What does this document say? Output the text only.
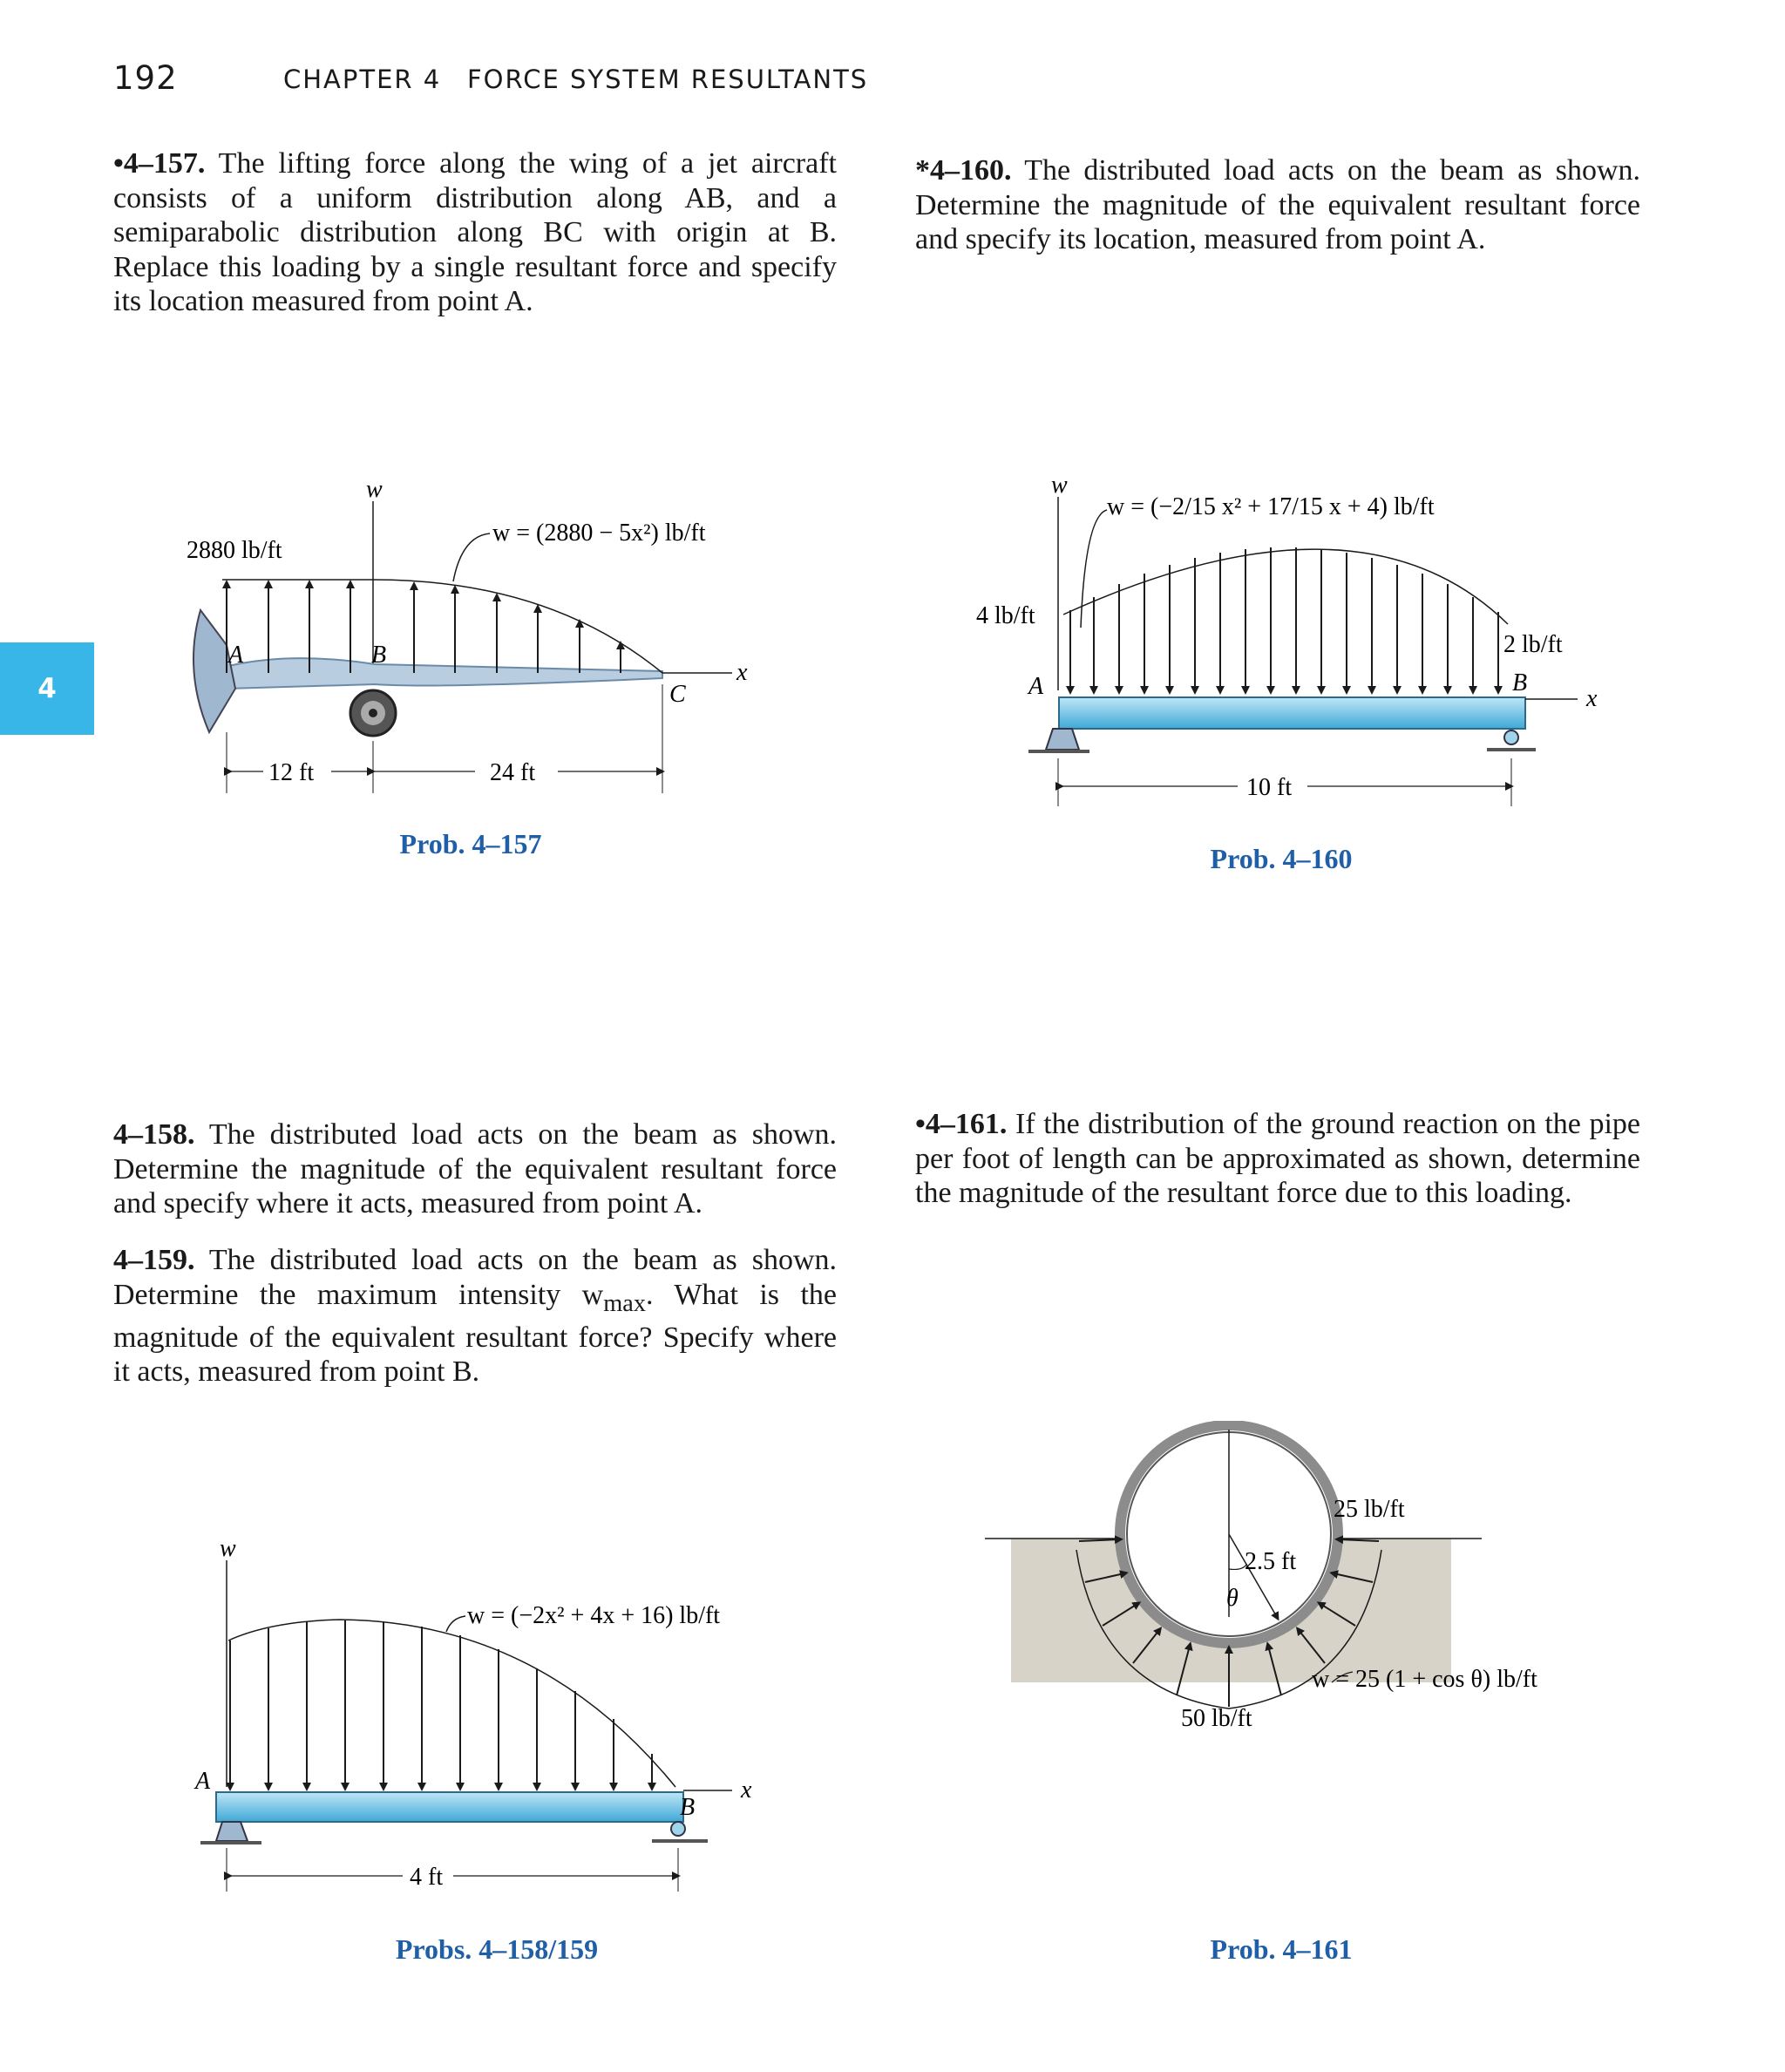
192	CHAPTER 4 FORCE SYSTEM RESULTANTS
4
•4–157. The lifting force along the wing of a jet aircraft consists of a uniform distribution along AB, and a semiparabolic distribution along BC with origin at B. Replace this loading by a single resultant force and specify its location measured from point A.
*4–160. The distributed load acts on the beam as shown. Determine the magnitude of the equivalent resultant force and specify its location, measured from point A.
4–158. The distributed load acts on the beam as shown. Determine the magnitude of the equivalent resultant force and specify where it acts, measured from point A.
4–159. The distributed load acts on the beam as shown. Determine the maximum intensity $w_{max}$. What is the magnitude of the equivalent resultant force? Specify where it acts, measured from point B.
•4–161. If the distribution of the ground reaction on the pipe per foot of length can be approximated as shown, determine the magnitude of the resultant force due to this loading.
w
x
A	B
C
2880 lb/ft
w = (2880 − 5x²) lb/ft
12 ft	24 ft
Prob. 4–157
w
x
A	B
4 lb/ft
2 lb/ft
w = (−2/15 x² + 17/15 x + 4) lb/ft
10 ft
Prob. 4–160
w
x
A
B
w = (−2x² + 4x + 16) lb/ft
4 ft
Probs. 4–158/159
2.5 ft
θ
25 lb/ft
w = 25 (1 + cos θ) lb/ft
50 lb/ft
Prob. 4–161
